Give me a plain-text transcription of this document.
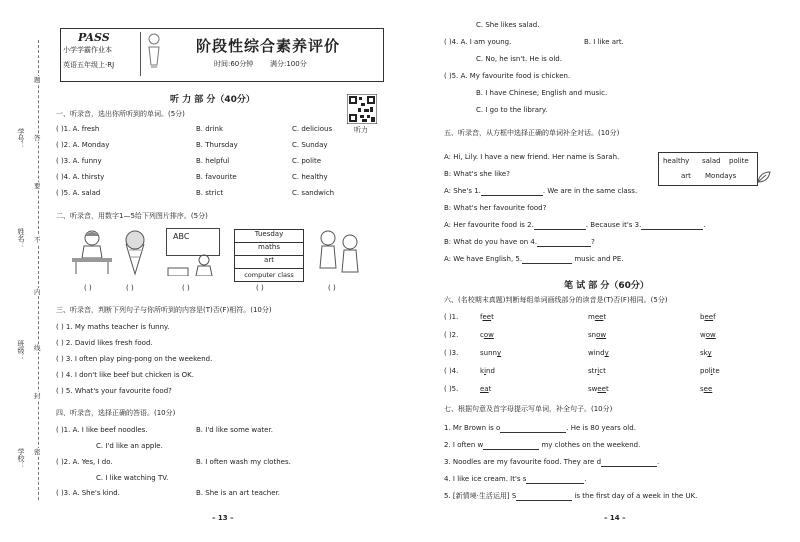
学号：
姓名：
班级：
学校：
题
答
要
不
内
线
封
密
PASS
小学学霸作业本
英语五年级上·RJ
阶段性综合素养评价
时间:60分钟 满分:100分
听力
听 力 部 分（40分）
一、听录音，选出你所听到的单词。(5分)
( )1. A. fresh	B. drink	C. delicious
( )2. A. Monday	B. Thursday	C. Sunday
( )3. A. funny	B. helpful	C. polite
( )4. A. thirsty	B. favourite	C. healthy
( )5. A. salad	B. strict	C. sandwich
二、听录音，用数字1—5给下列图片排序。(5分)
ABC	Tuesday
maths
art
computer class
( )	( )	( )	( )	( )
三、听录音，判断下列句子与你所听到的内容是(T)否(F)相符。(10分)
( ) 1. My maths teacher is funny.
( ) 2. David likes fresh food.
( ) 3. I often play ping-pong on the weekend.
( ) 4. I don't like beef but chicken is OK.
( ) 5. What's your favourite food?
四、听录音，选择正确的答语。(10分)
( )1. A. I like beef noodles.	B. I'd like some water.
C. I'd like an apple.
( )2. A. Yes, I do.	B. I often wash my clothes.
C. I like watching TV.
( )3. A. She's kind.	B. She is an art teacher.
– 13 –
C. She likes salad.
( )4. A. I am young.	B. I like art.
C. No, he isn't. He is old.
( )5. A. My favourite food is chicken.
B. I have Chinese, English and music.
C. I go to the library.
五、听录音，从方框中选择正确的单词补全对话。(10分)
healthy salad polite
art Mondays
A: Hi, Lily. I have a new friend. Her name is Sarah.
B: What's she like?
A: She's 1.	. We are in the same class.
B: What's her favourite food?
A: Her favourite food is 2.	. Because it's 3.	.
B: What do you have on 4.	?
A: We have English, 5.	music and PE.
笔 试 部 分（60分）
六、(名校期末真题)判断每组单词画线部分的读音是(T)否(F)相同。(5分)
( )1.	feet	meet	beef
( )2.	cow	snow	wow
( )3.	sunny	windy	sky
( )4.	kind	strict	polite
( )5.	eat	sweet	see
七、根据句意及首字母提示写单词，补全句子。(10分)
1. Mr Brown is o	. He is 80 years old.
2. I often w	my clothes on the weekend.
3. Noodles are my favourite food. They are d	.
4. I like ice cream. It's s	.
5. [新情境·生活运用] S	is the first day of a week in the UK.
– 14 –
